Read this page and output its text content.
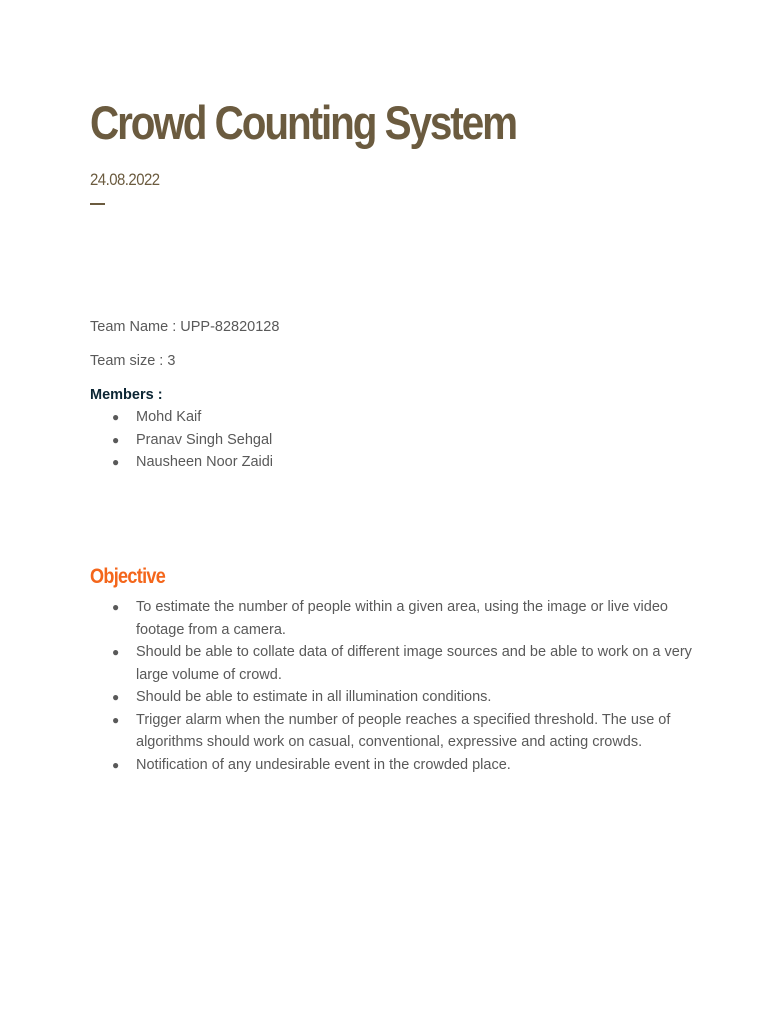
Crowd Counting System
24.08.2022
Team Name : UPP-82820128
Team size : 3
Members :
● Mohd Kaif
● Pranav Singh Sehgal
● Nausheen Noor Zaidi
Objective
● To estimate the number of people within a given area, using the image or live video footage from a camera.
● Should be able to collate data of different image sources and be able to work on a very large volume of crowd.
● Should be able to estimate in all illumination conditions.
● Trigger alarm when the number of people reaches a specified threshold. The use of algorithms should work on casual, conventional, expressive and acting crowds.
● Notification of any undesirable event in the crowded place.
